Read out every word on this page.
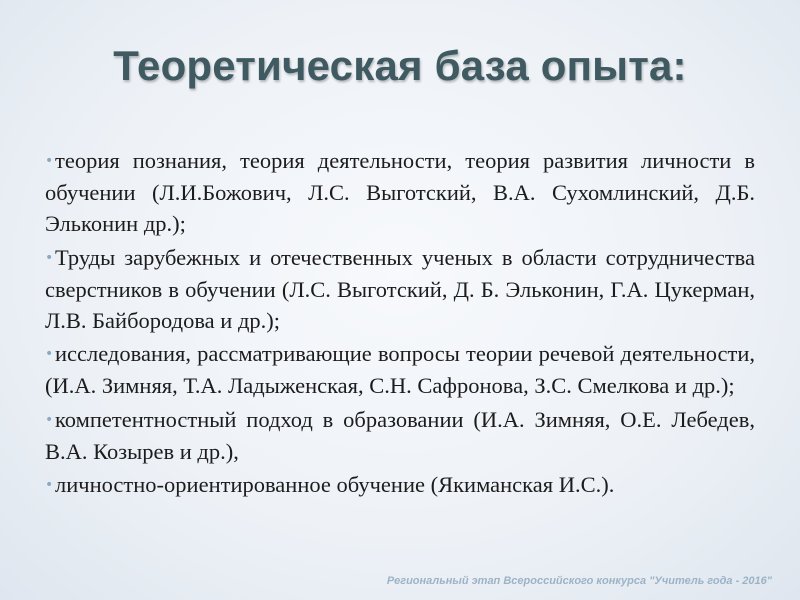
Теоретическая база опыта:
•теория познания, теория деятельности, теория развития личности в обучении (Л.И.Божович, Л.С. Выготский, В.А. Сухомлинский, Д.Б. Эльконин др.);
•Труды зарубежных и отечественных ученых в области сотрудничества сверстников в обучении (Л.С. Выготский, Д. Б. Эльконин, Г.А. Цукерман, Л.В. Байбородова и др.);
•исследования, рассматривающие вопросы теории речевой деятельности, (И.А. Зимняя, Т.А. Ладыженская, С.Н. Сафронова, З.С. Смелкова и др.);
•компетентностный подход в образовании (И.А. Зимняя, О.Е. Лебедев, В.А. Козырев и др.),
•личностно-ориентированное обучение (Якиманская И.С.).
Региональный этап Всероссийского конкурса "Учитель года - 2016"
